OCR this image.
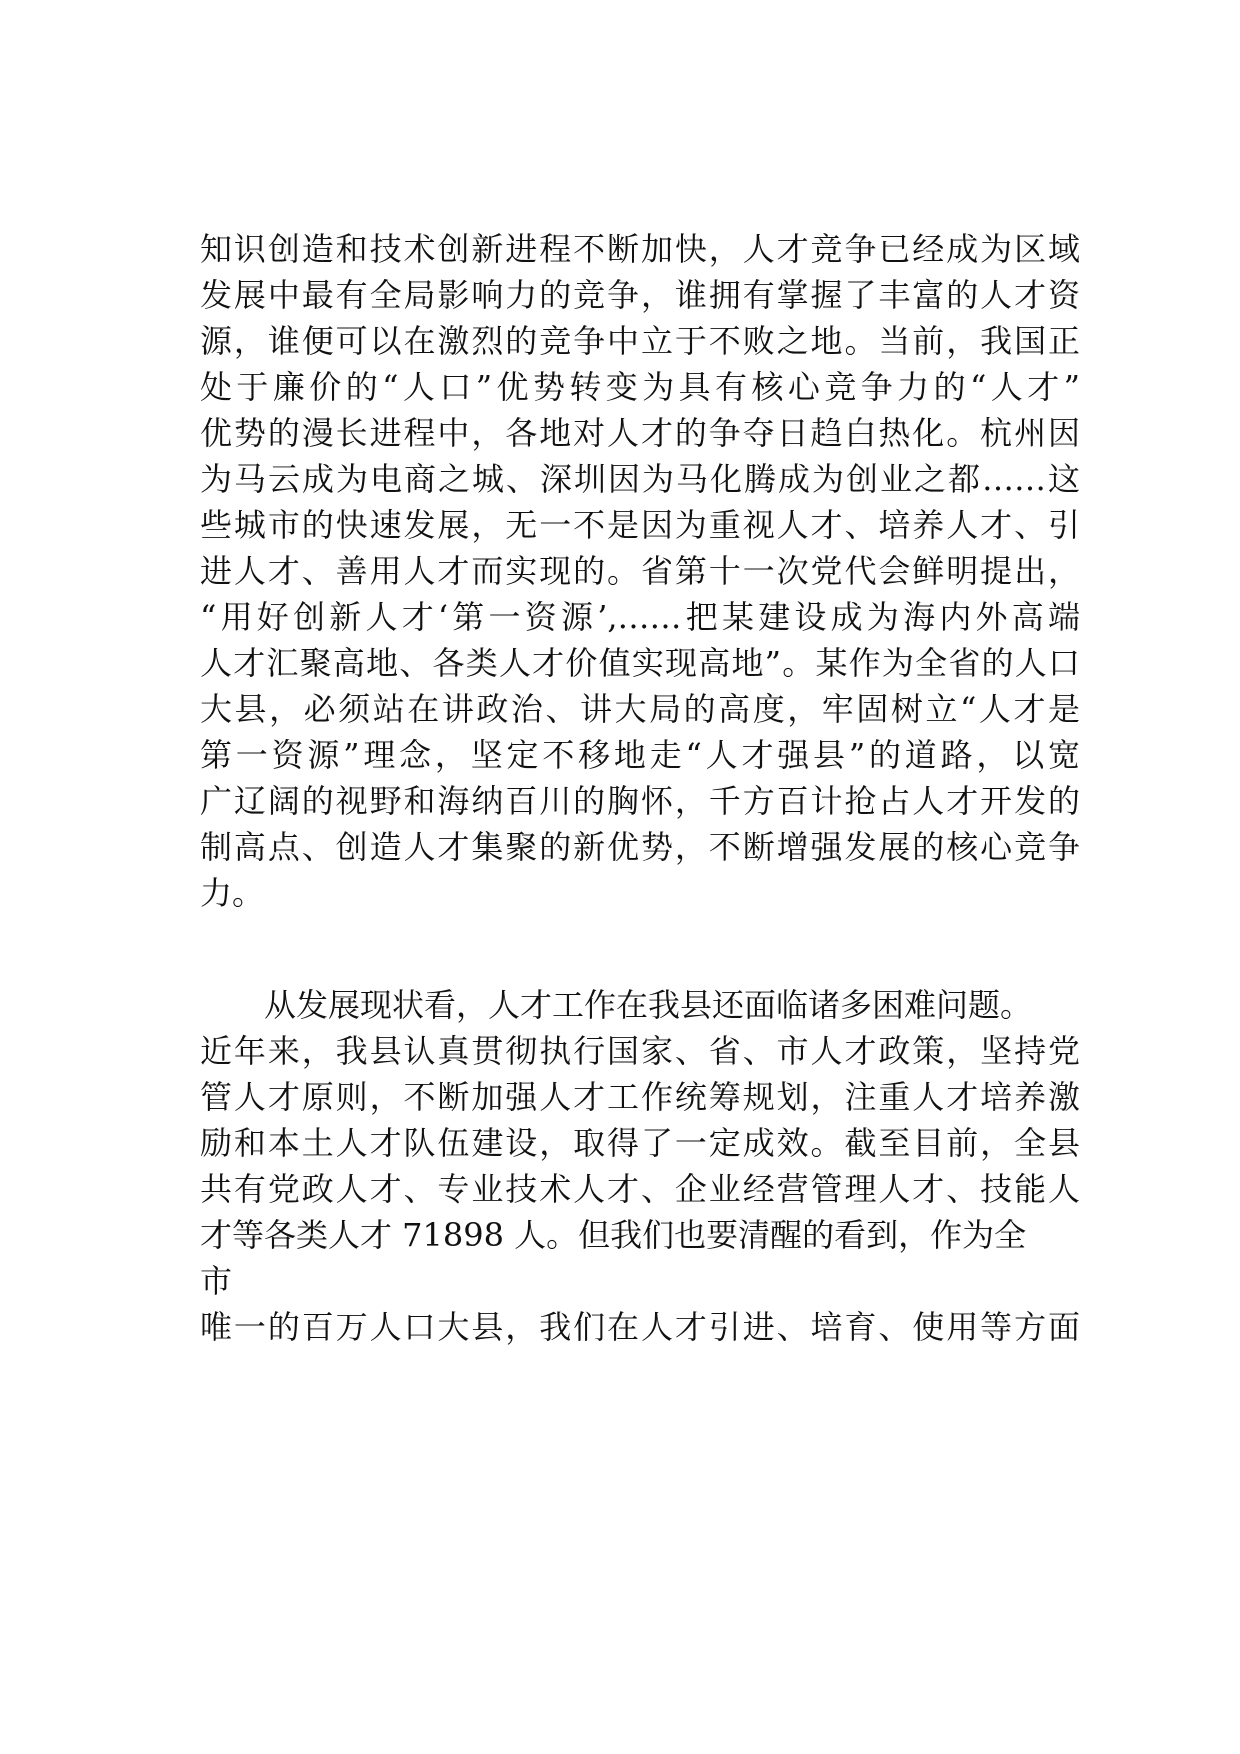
知识创造和技术创新进程不断加快，人才竞争已经成为区域
发展中最有全局影响力的竞争，谁拥有掌握了丰富的人才资
源，谁便可以在激烈的竞争中立于不败之地。当前，我国正
处于廉价的“人口”优势转变为具有核心竞争力的“人才”
优势的漫长进程中，各地对人才的争夺日趋白热化。杭州因
为马云成为电商之城、深圳因为马化腾成为创业之都……这
些城市的快速发展，无一不是因为重视人才、培养人才、引
进人才、善用人才而实现的。省第十一次党代会鲜明提出，
“用好创新人才‘第一资源’,……把某建设成为海内外高端
人才汇聚高地、各类人才价值实现高地”。某作为全省的人口
大县，必须站在讲政治、讲大局的高度，牢固树立“人才是
第一资源”理念，坚定不移地走“人才强县”的道路，以宽
广辽阔的视野和海纳百川的胸怀，千方百计抢占人才开发的
制高点、创造人才集聚的新优势，不断增强发展的核心竞争
力。
从发展现状看，人才工作在我县还面临诸多困难问题。
近年来，我县认真贯彻执行国家、省、市人才政策，坚持党
管人才原则，不断加强人才工作统筹规划，注重人才培养激
励和本土人才队伍建设，取得了一定成效。截至目前，全县
共有党政人才、专业技术人才、企业经营管理人才、技能人
才等各类人才 71898 人。但我们也要清醒的看到，作为全
市
唯一的百万人口大县，我们在人才引进、培育、使用等方面
